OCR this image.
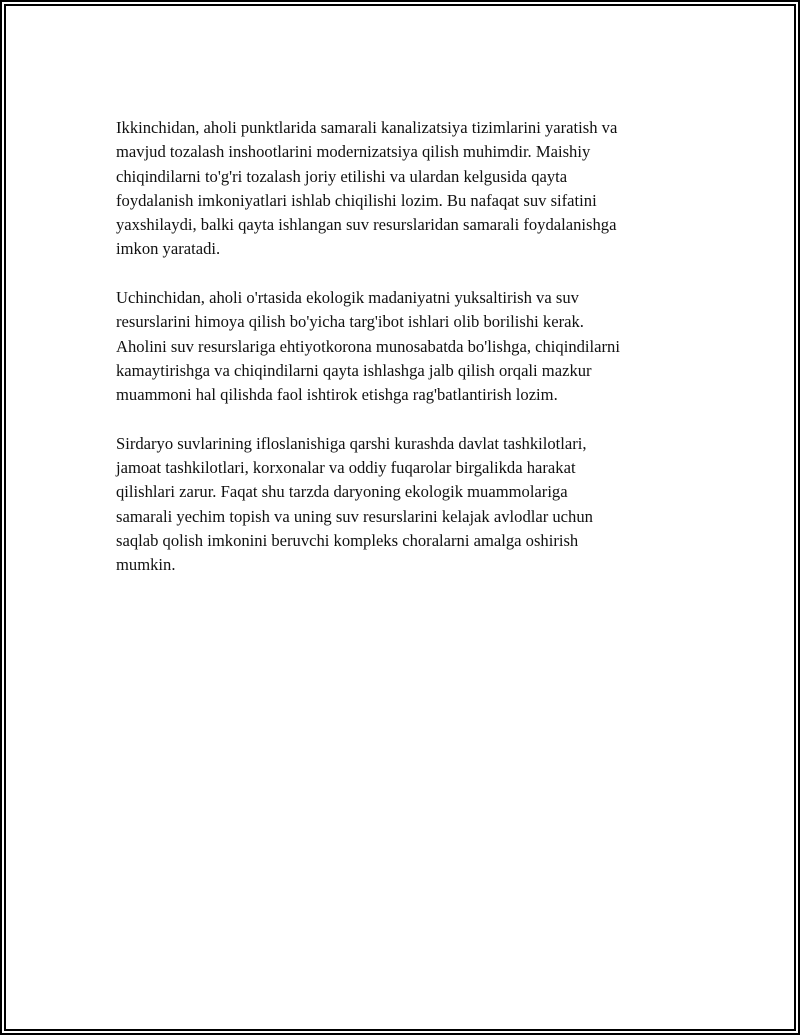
Ikkinchidan, aholi punktlarida samarali kanalizatsiya tizimlarini yaratish va
mavjud tozalash inshootlarini modernizatsiya qilish muhimdir. Maishiy
chiqindilarni to'g'ri tozalash joriy etilishi va ulardan kelgusida qayta
foydalanish imkoniyatlari ishlab chiqilishi lozim. Bu nafaqat suv sifatini
yaxshilaydi, balki qayta ishlangan suv resurslaridan samarali foydalanishga
imkon yaratadi.

Uchinchidan, aholi o'rtasida ekologik madaniyatni yuksaltirish va suv
resurslarini himoya qilish bo'yicha targ'ibot ishlari olib borilishi kerak.
Aholini suv resurslariga ehtiyotkorona munosabatda bo'lishga, chiqindilarni
kamaytirishga va chiqindilarni qayta ishlashga jalb qilish orqali mazkur
muammoni hal qilishda faol ishtirok etishga rag'batlantirish lozim.

Sirdaryo suvlarining ifloslanishiga qarshi kurashda davlat tashkilotlari,
jamoat tashkilotlari, korxonalar va oddiy fuqarolar birgalikda harakat
qilishlari zarur. Faqat shu tarzda daryoning ekologik muammolariga
samarali yechim topish va uning suv resurslarini kelajak avlodlar uchun
saqlab qolish imkonini beruvchi kompleks choralarni amalga oshirish
mumkin.
